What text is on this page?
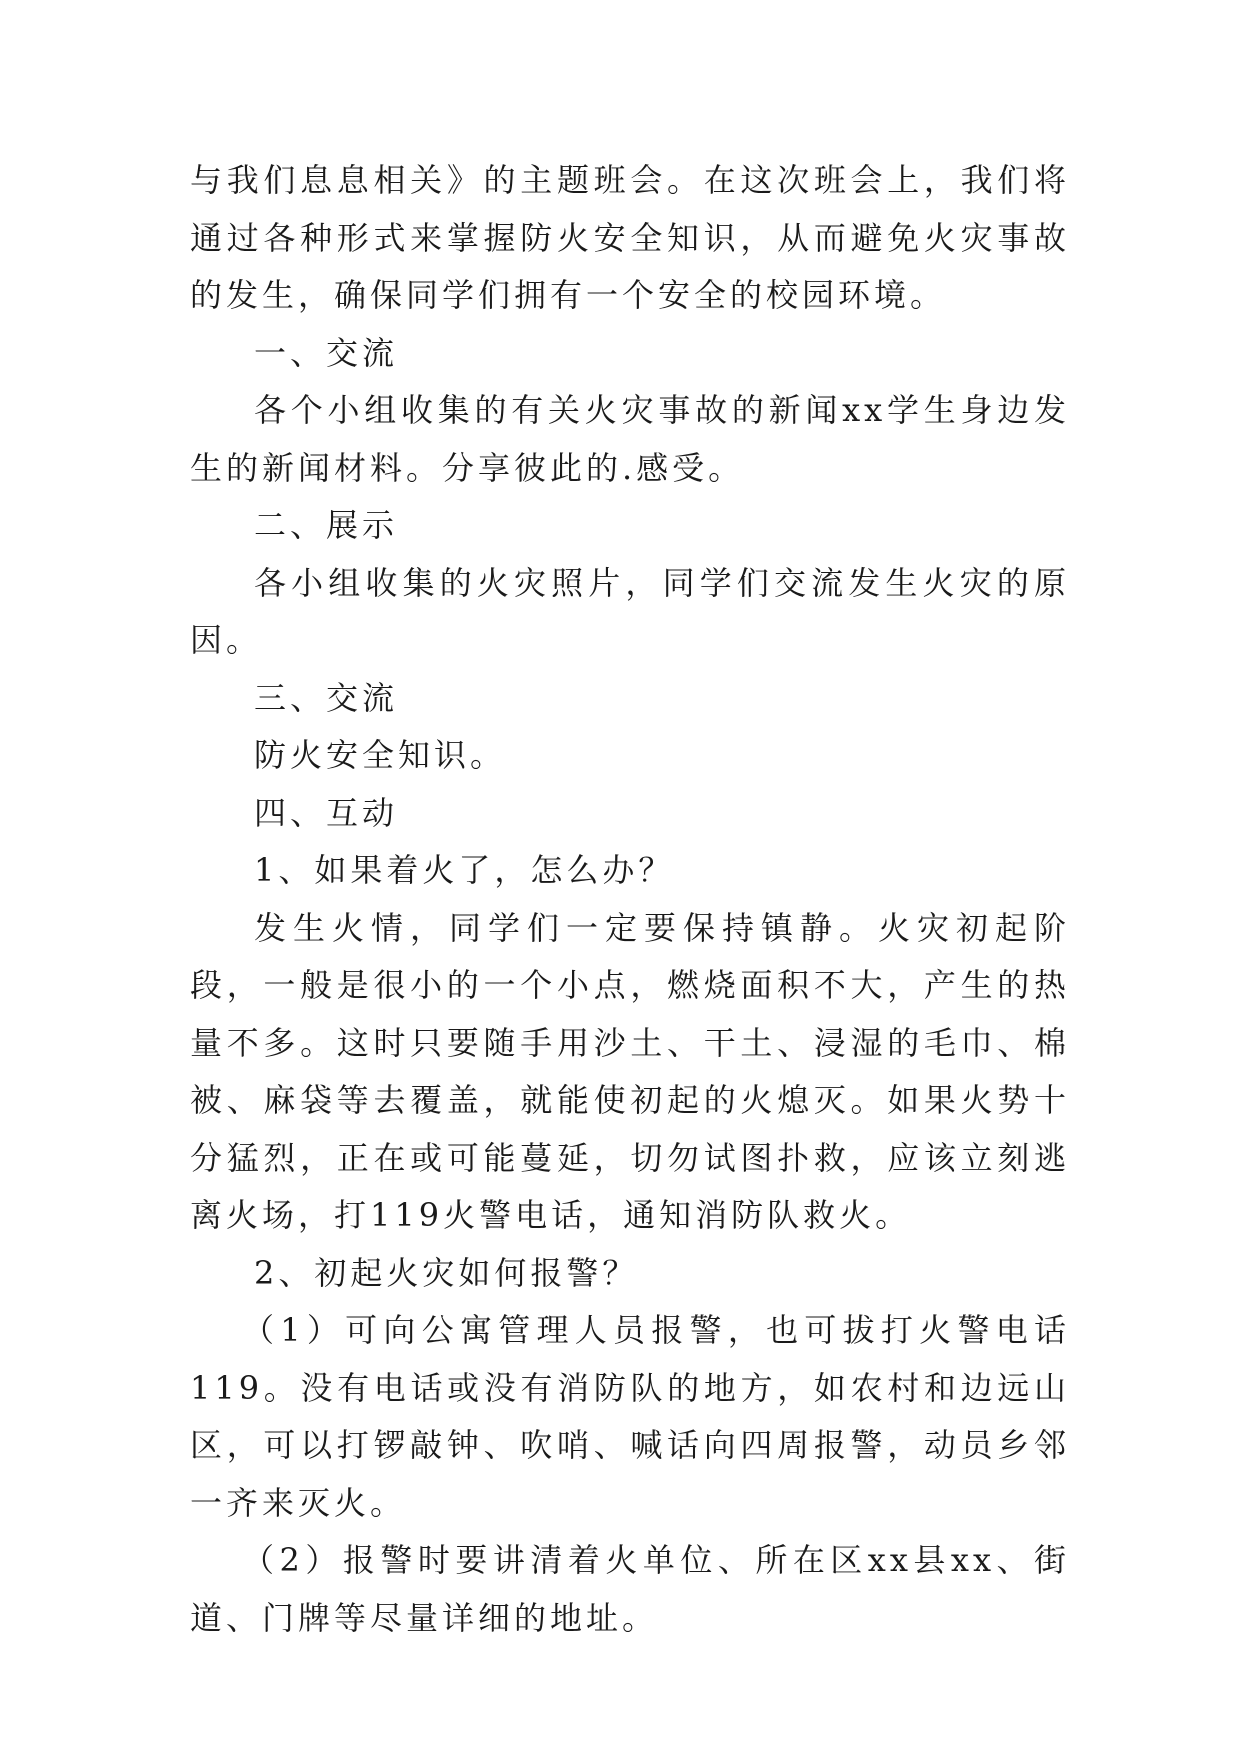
与我们息息相关》的主题班会。在这次班会上，我们将通过各种形式来掌握防火安全知识，从而避免火灾事故的发生，确保同学们拥有一个安全的校园环境。

一、交流

各个小组收集的有关火灾事故的新闻xx学生身边发生的新闻材料。分享彼此的.感受。

二、展示

各小组收集的火灾照片，同学们交流发生火灾的原因。

三、交流

防火安全知识。

四、互动

1、如果着火了，怎么办？

发生火情，同学们一定要保持镇静。火灾初起阶段，一般是很小的一个小点，燃烧面积不大，产生的热量不多。这时只要随手用沙土、干土、浸湿的毛巾、棉被、麻袋等去覆盖，就能使初起的火熄灭。如果火势十分猛烈，正在或可能蔓延，切勿试图扑救，应该立刻逃离火场，打119火警电话，通知消防队救火。

2、初起火灾如何报警？

（1）可向公寓管理人员报警，也可拔打火警电话119。没有电话或没有消防队的地方，如农村和边远山区，可以打锣敲钟、吹哨、喊话向四周报警，动员乡邻一齐来灭火。

（2）报警时要讲清着火单位、所在区xx县xx、街道、门牌等尽量详细的地址。
